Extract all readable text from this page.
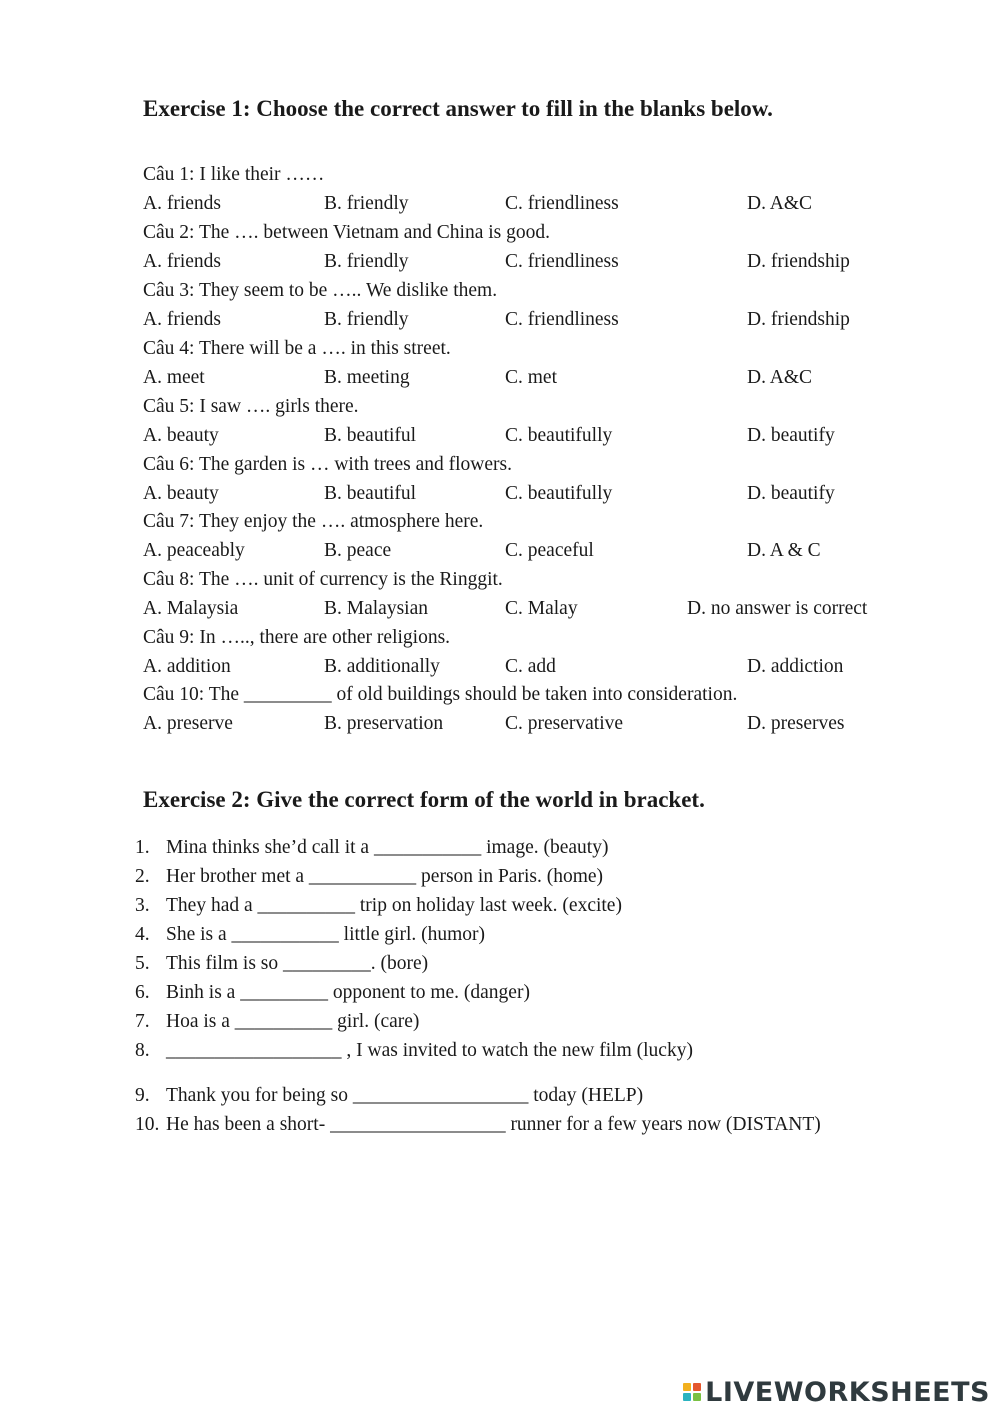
Exercise 1: Choose the correct answer to fill in the blanks below.
Câu 1: I like their ……
A. friends	B. friendly	C. friendliness	D. A&C
Câu 2: The …. between Vietnam and China is good.
A. friends	B. friendly	C. friendliness	D. friendship
Câu 3: They seem to be ….. We dislike them.
A. friends	B. friendly	C. friendliness	D. friendship
Câu 4: There will be a …. in this street.
A. meet	B. meeting	C. met	D. A&C
Câu 5: I saw …. girls there.
A. beauty	B. beautiful	C. beautifully	D. beautify
Câu 6: The garden is … with trees and flowers.
A. beauty	B. beautiful	C. beautifully	D. beautify
Câu 7: They enjoy the …. atmosphere here.
A. peaceably	B. peace	C. peaceful	D. A & C
Câu 8: The …. unit of currency is the Ringgit.
A. Malaysia	B. Malaysian	C. Malay	D. no answer is correct
Câu 9: In ….., there are other religions.
A. addition	B. additionally	C. add	D. addiction
Câu 10: The _________ of old buildings should be taken into consideration.
A. preserve	B. preservation	C. preservative	D. preserves
Exercise 2: Give the correct form of the world in bracket.
1. Mina thinks she’d call it a ___________ image. (beauty)
2. Her brother met a ___________ person in Paris. (home)
3. They had a __________ trip on holiday last week. (excite)
4. She is a ___________ little girl. (humor)
5. This film is so _________. (bore)
6. Binh is a _________ opponent to me. (danger)
7. Hoa is a __________ girl. (care)
8. __________________ , I was invited to watch the new film (lucky)
9. Thank you for being so __________________ today (HELP)
10. He has been a short- __________________ runner for a few years now (DISTANT)
LIVEWORKSHEETS
